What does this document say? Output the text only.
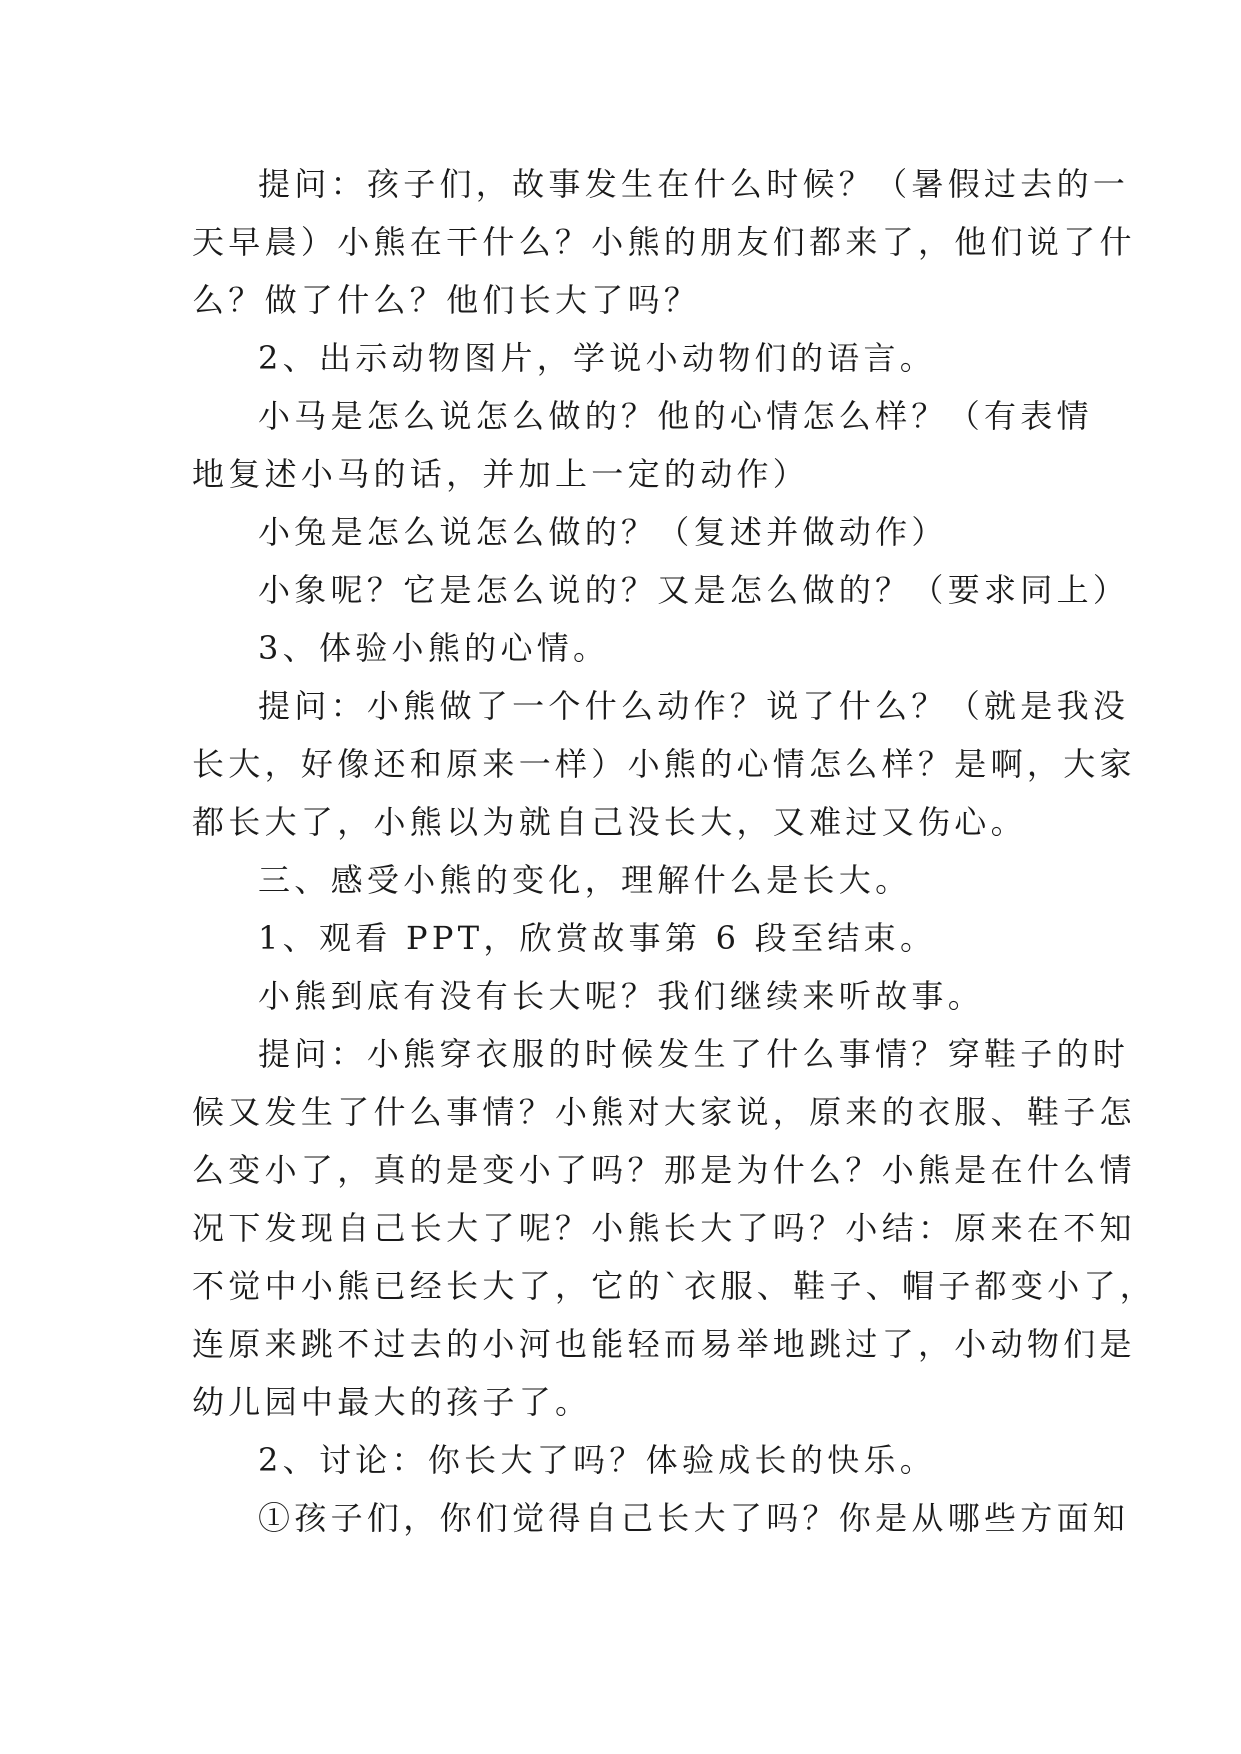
提问：孩子们，故事发生在什么时候？（暑假过去的一
天早晨）小熊在干什么？小熊的朋友们都来了，他们说了什
么？做了什么？他们长大了吗？
2、出示动物图片，学说小动物们的语言。
小马是怎么说怎么做的？他的心情怎么样？（有表情
地复述小马的话，并加上一定的动作）
小兔是怎么说怎么做的？（复述并做动作）
小象呢？它是怎么说的？又是怎么做的？（要求同上）
3、体验小熊的心情。
提问：小熊做了一个什么动作？说了什么？（就是我没
长大，好像还和原来一样）小熊的心情怎么样？是啊，大家
都长大了，小熊以为就自己没长大，又难过又伤心。
三、感受小熊的变化，理解什么是长大。
1、观看 PPT，欣赏故事第 6 段至结束。
小熊到底有没有长大呢？我们继续来听故事。
提问：小熊穿衣服的时候发生了什么事情？穿鞋子的时
候又发生了什么事情？小熊对大家说，原来的衣服、鞋子怎
么变小了，真的是变小了吗？那是为什么？小熊是在什么情
况下发现自己长大了呢？小熊长大了吗？小结：原来在不知
不觉中小熊已经长大了，它的`衣服、鞋子、帽子都变小了，
连原来跳不过去的小河也能轻而易举地跳过了，小动物们是
幼儿园中最大的孩子了。
2、讨论：你长大了吗？体验成长的快乐。
①孩子们，你们觉得自己长大了吗？你是从哪些方面知
